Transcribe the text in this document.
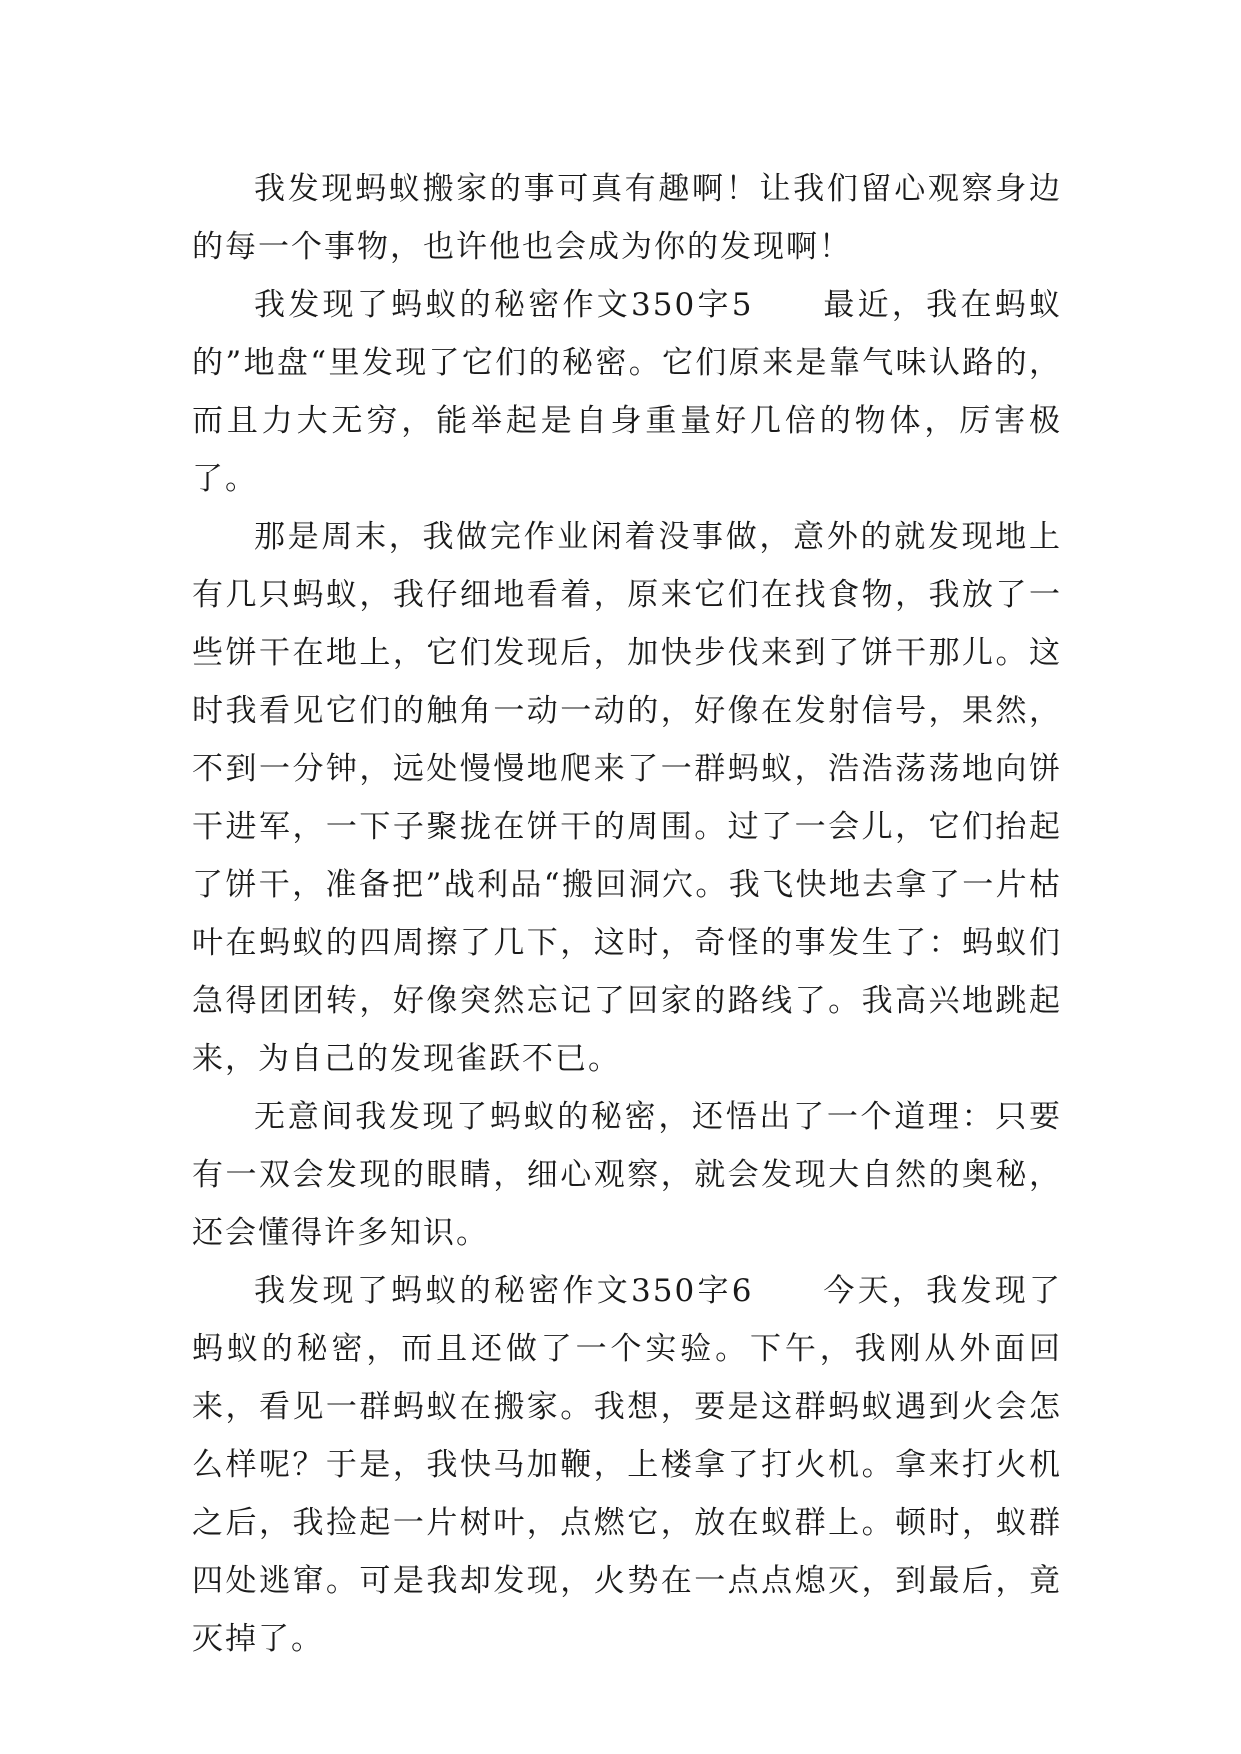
我发现蚂蚁搬家的事可真有趣啊！让我们留心观察身边的每一个事物，也许他也会成为你的发现啊！

我发现了蚂蚁的秘密作文350字5　　最近，我在蚂蚁的”地盘“里发现了它们的秘密。它们原来是靠气味认路的，而且力大无穷，能举起是自身重量好几倍的物体，厉害极了。

那是周末，我做完作业闲着没事做，意外的就发现地上有几只蚂蚁，我仔细地看着，原来它们在找食物，我放了一些饼干在地上，它们发现后，加快步伐来到了饼干那儿。这时我看见它们的触角一动一动的，好像在发射信号，果然，不到一分钟，远处慢慢地爬来了一群蚂蚁，浩浩荡荡地向饼干进军，一下子聚拢在饼干的周围。过了一会儿，它们抬起了饼干，准备把”战利品“搬回洞穴。我飞快地去拿了一片枯叶在蚂蚁的四周擦了几下，这时，奇怪的事发生了：蚂蚁们急得团团转，好像突然忘记了回家的路线了。我高兴地跳起来，为自己的发现雀跃不已。

无意间我发现了蚂蚁的秘密，还悟出了一个道理：只要有一双会发现的眼睛，细心观察，就会发现大自然的奥秘，还会懂得许多知识。

我发现了蚂蚁的秘密作文350字6　　今天，我发现了蚂蚁的秘密，而且还做了一个实验。下午，我刚从外面回来，看见一群蚂蚁在搬家。我想，要是这群蚂蚁遇到火会怎么样呢？于是，我快马加鞭，上楼拿了打火机。拿来打火机之后，我捡起一片树叶，点燃它，放在蚁群上。顿时，蚁群四处逃窜。可是我却发现，火势在一点点熄灭，到最后，竟灭掉了。
